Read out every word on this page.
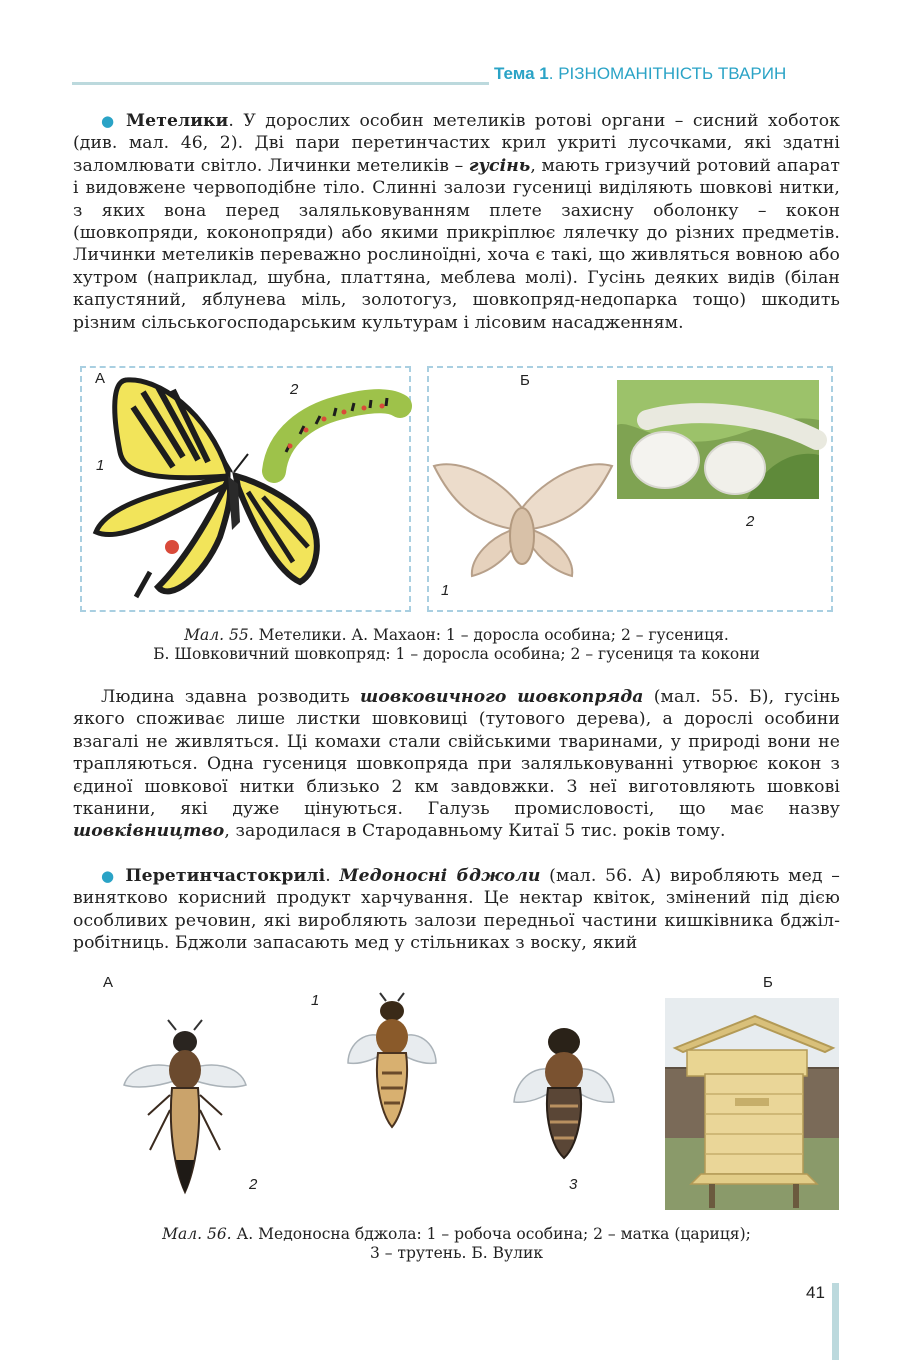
Тема 1. РІЗНОМАНІТНІСТЬ ТВАРИН

● Метелики. У дорослих особин метеликів ротові органи – сисний хоботок (див. мал. 46, 2). Дві пари перетинчастих крил укриті лусочками, які здатні заломлювати світло. Личинки метеликів – гусінь, мають гризучий ротовий апарат і видовжене червоподібне тіло. Слинні залози гусениці виділяють шовкові нитки, з яких вона перед заляльковуванням плете захисну оболонку – кокон (шовкопряди, коконопряди) або якими прикріплює лялечку до різних предметів. Личинки метеликів переважно рослиноїдні, хоча є такі, що живляться вовною або хутром (наприклад, шубна, платтяна, меблева молі). Гусінь деяких видів (білан капустяний, яблунева міль, золотогуз, шовкопряд-недопарка тощо) шкодить різним сільськогосподарським культурам і лісовим насадженням.

А	Б
1
2
1
2
Мал. 55. Метелики. А. Махаон: 1 – доросла особина; 2 – гусениця.
Б. Шовковичний шовкопряд: 1 – доросла особина; 2 – гусениця та кокони

Людина здавна розводить шовковичного шовкопряда (мал. 55. Б), гусінь якого споживає лише листки шовковиці (тутового дерева), а дорослі особини взагалі не живляться. Ці комахи стали свійськими тваринами, у природі вони не трапляються. Одна гусениця шовкопряда при заляльковуванні утворює кокон з єдиної шовкової нитки близько 2 км завдовжки. З неї виготовляють шовкові тканини, які дуже цінуються. Галузь промисловості, що має назву шовківництво, зародилася в Стародавньому Китаї 5 тис. років тому.

● Перетинчастокрилі. Медоносні бджоли (мал. 56. А) виробляють мед – винятково корисний продукт харчування. Це нектар квіток, змінений під дією особливих речовин, які виробляють залози передньої частини кишківника бджіл-робітниць. Бджоли запасають мед у стільниках з воску, який

А	Б
1
2	3
Мал. 56. А. Медоносна бджола: 1 – робоча особина; 2 – матка (цариця);
3 – трутень. Б. Вулик
41
